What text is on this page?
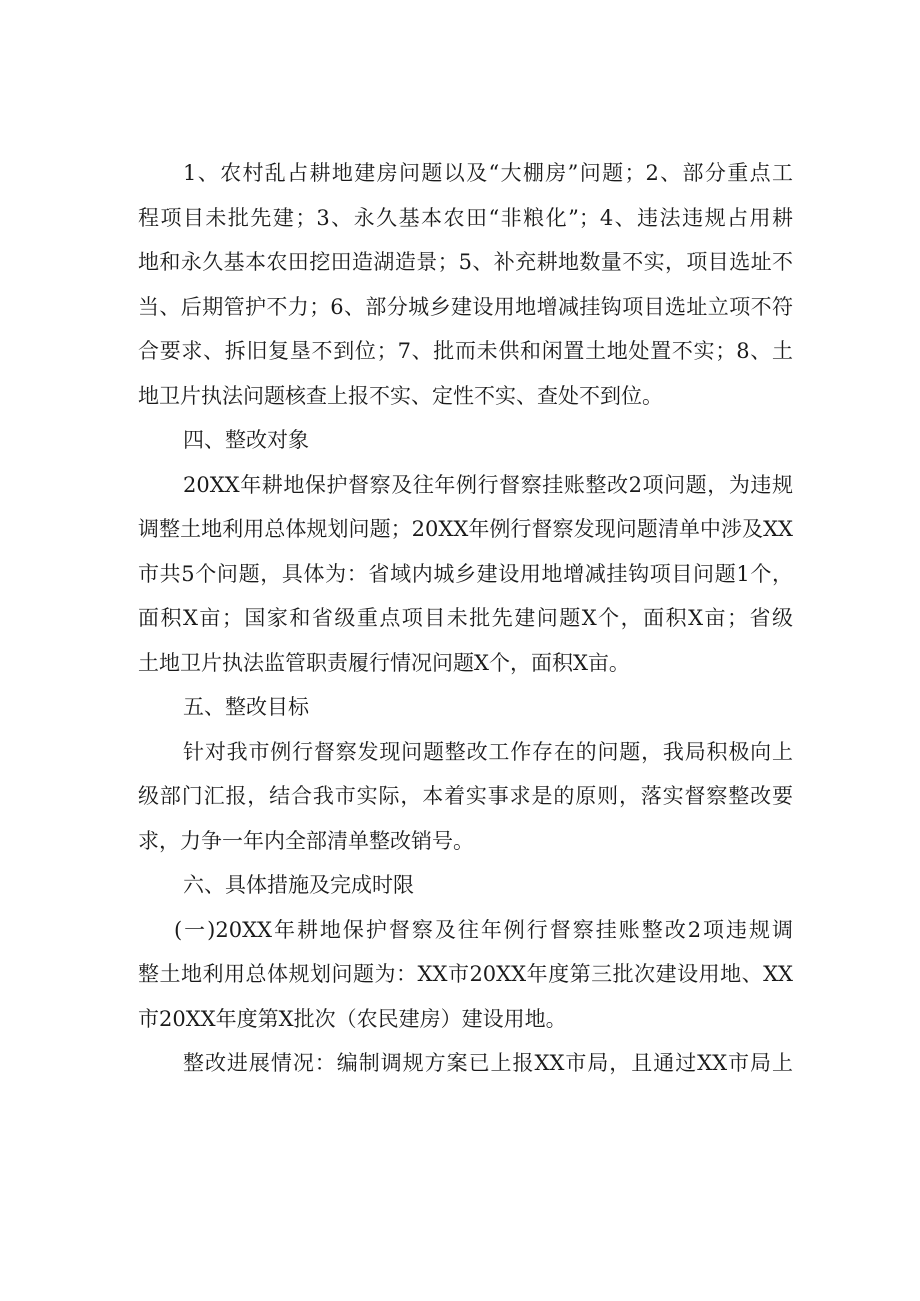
1、农村乱占耕地建房问题以及“大棚房”问题；2、部分重点工
程项目未批先建；3、永久基本农田“非粮化”；4、违法违规占用耕
地和永久基本农田挖田造湖造景；5、补充耕地数量不实，项目选址不
当、后期管护不力；6、部分城乡建设用地增减挂钩项目选址立项不符
合要求、拆旧复垦不到位；7、批而未供和闲置土地处置不实；8、土
地卫片执法问题核查上报不实、定性不实、查处不到位。
四、整改对象
20XX年耕地保护督察及往年例行督察挂账整改2项问题，为违规
调整土地利用总体规划问题；20XX年例行督察发现问题清单中涉及XX
市共5个问题，具体为：省域内城乡建设用地增减挂钩项目问题1个，
面积X亩；国家和省级重点项目未批先建问题X个，面积X亩；省级
土地卫片执法监管职责履行情况问题X个，面积X亩。
五、整改目标
针对我市例行督察发现问题整改工作存在的问题，我局积极向上
级部门汇报，结合我市实际，本着实事求是的原则，落实督察整改要
求，力争一年内全部清单整改销号。
六、具体措施及完成时限
(一)20XX年耕地保护督察及往年例行督察挂账整改2项违规调
整土地利用总体规划问题为：XX市20XX年度第三批次建设用地、XX
市20XX年度第X批次（农民建房）建设用地。
整改进展情况：编制调规方案已上报XX市局，且通过XX市局上
